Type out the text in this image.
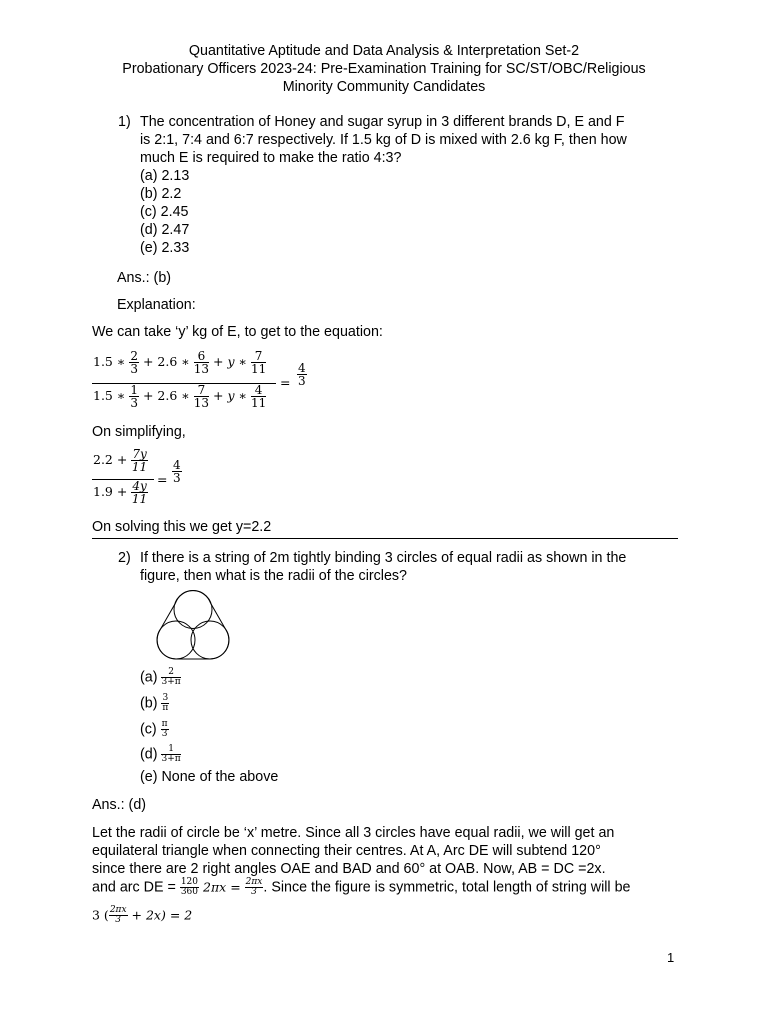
Quantitative Aptitude and Data Analysis & Interpretation Set-2
Probationary Officers 2023-24: Pre-Examination Training for SC/ST/OBC/Religious
Minority Community Candidates
1) The concentration of Honey and sugar syrup in 3 different brands D, E and F
is 2:1, 7:4 and 6:7 respectively. If 1.5 kg of D is mixed with 2.6 kg F, then how
much E is required to make the ratio 4:3?
(a) 2.13
(b) 2.2
(c) 2.45
(d) 2.47
(e) 2.33
Ans.: (b)
Explanation:
We can take ‘y’ kg of E, to get to the equation:
1.5 ∗ $\frac{2}{3} + 2.6$ ∗ $\frac{6}{13} + y$ ∗ $\frac{7}{11}$
1.5 ∗ $\frac{1}{3} + 2.6$ ∗ $\frac{7}{13} + y$ ∗ $\frac{4}{11}$
= $\frac{4}{3}$
On simplifying,
$2.2 + \frac{7y}{11}$
$1.9 + \frac{4y}{11}$
= $\frac{4}{3}$
On solving this we get y=2.2
2) If there is a string of 2m tightly binding 3 circles of equal radii as shown in the
figure, then what is the radii of the circles?
$(a) \frac{2}{3+\pi}$
$(b) \frac{3}{\pi}$
$(c) \frac{\pi}{3}$
$(d) \frac{1}{3+\pi}$
(e) None of the above
Ans.: (d)
Let the radii of circle be ‘x’ metre. Since all 3 circles have equal radii, we will get an
equilateral triangle when connecting their centres. At A, Arc DE will subtend 120°
since there are 2 right angles OAE and BAD and 60° at OAB. Now, AB = DC =2x.
and arc DE = $\frac{120}{360} 2\pi x = \frac{2\pi x}{3}$ . Since the figure is symmetric, total length of string will be
3 ( $\frac{2\pi x}{3} + 2x) = 2$
1
